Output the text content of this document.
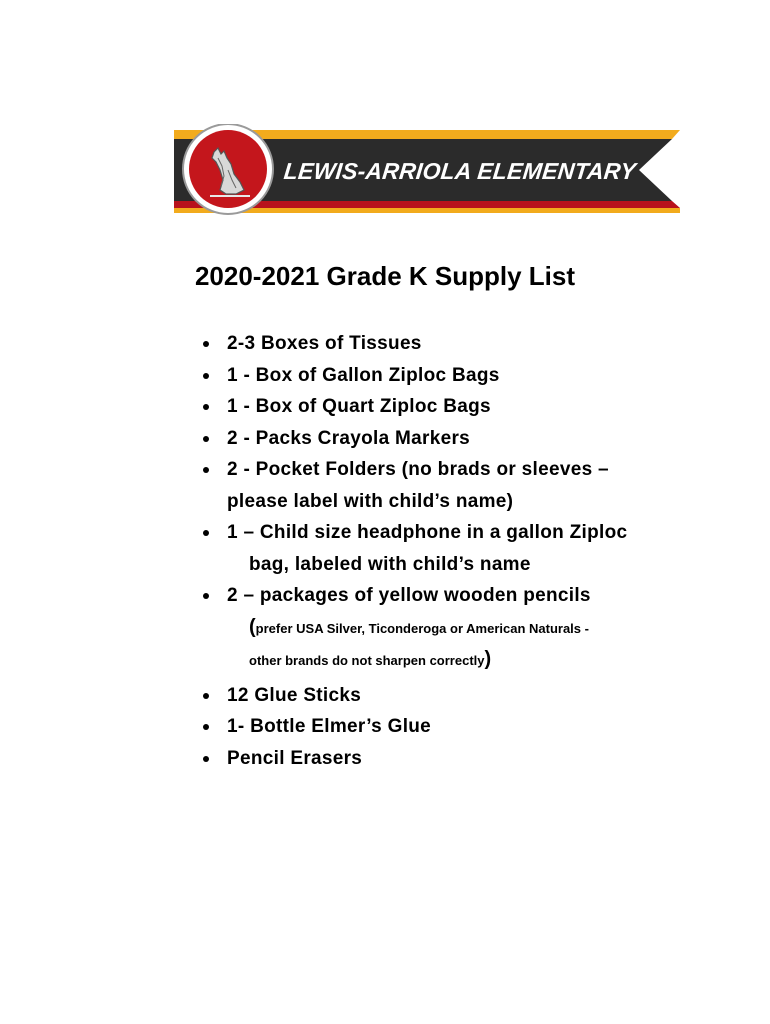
LEWIS-ARRIOLA ELEMENTARY
2020-2021 Grade K Supply List
2-3 Boxes of Tissues
1 - Box of Gallon Ziploc Bags
1 - Box of Quart Ziploc Bags
2 - Packs Crayola Markers
2 - Pocket Folders (no brads or sleeves –
please label with child’s name)
1 – Child size headphone in a gallon Ziploc
bag, labeled with child’s name
2 – packages of yellow wooden pencils
(prefer USA Silver, Ticonderoga or American Naturals -
other brands do not sharpen correctly)
12 Glue Sticks
1- Bottle Elmer’s Glue
Pencil Erasers
